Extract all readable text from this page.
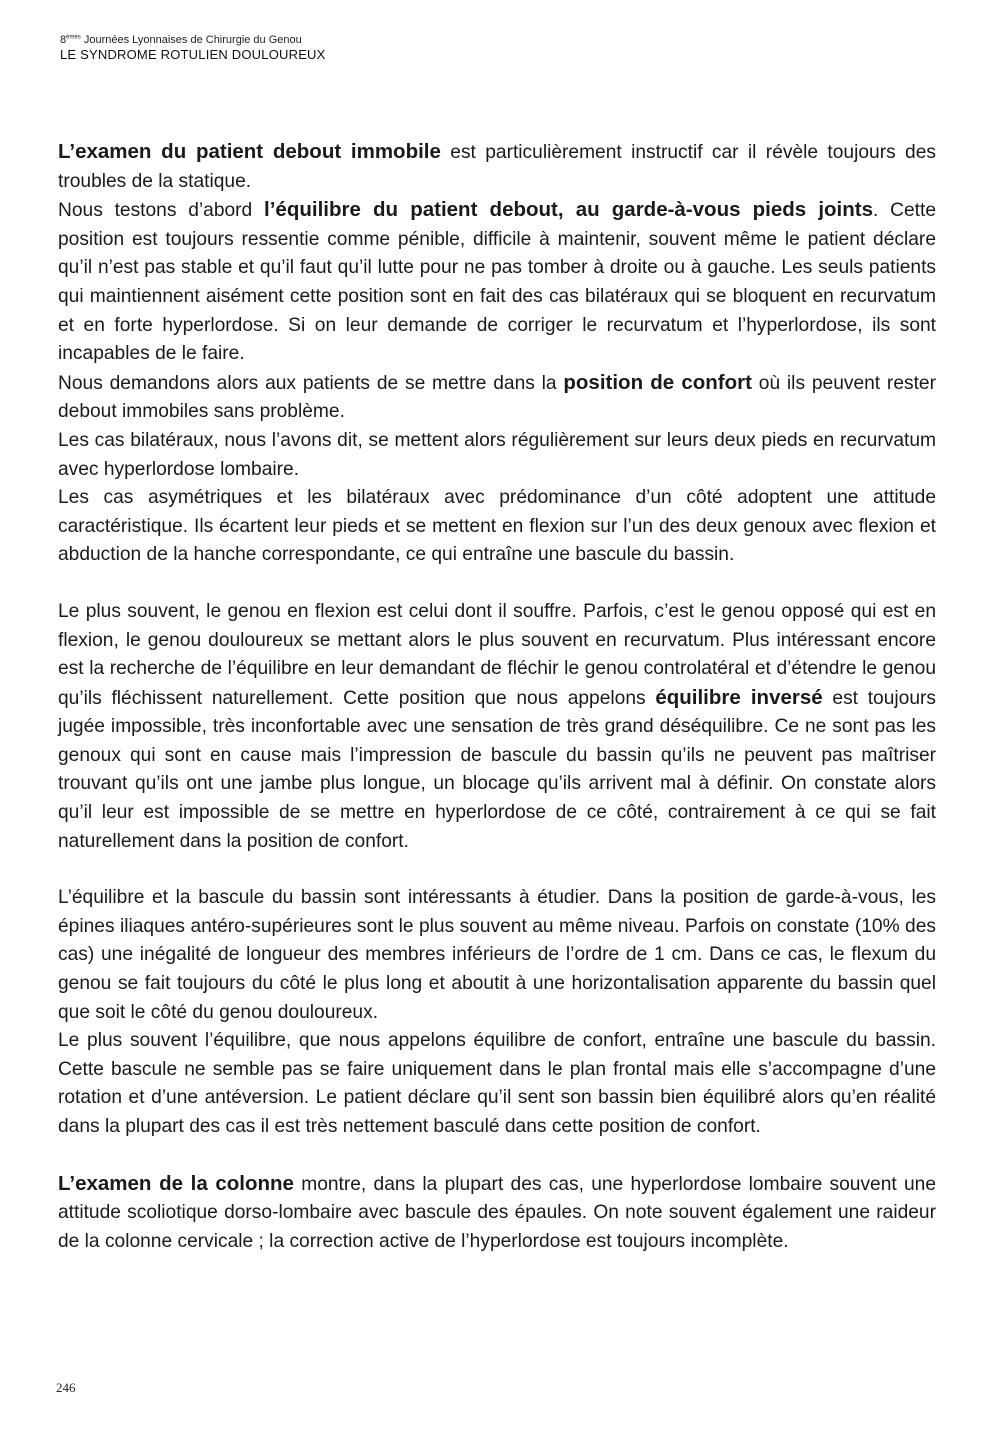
8èmes Journées Lyonnaises de Chirurgie du Genou
LE SYNDROME ROTULIEN DOULOUREUX

L’examen du patient debout immobile est particulièrement instructif car il révèle toujours des troubles de la statique.

Nous testons d’abord l’équilibre du patient debout, au garde-à-vous pieds joints. Cette position est toujours ressentie comme pénible, difficile à maintenir, souvent même le patient déclare qu’il n’est pas stable et qu’il faut qu’il lutte pour ne pas tomber à droite ou à gauche. Les seuls patients qui maintiennent aisément cette position sont en fait des cas bilatéraux qui se bloquent en recurvatum et en forte hyperlordose. Si on leur demande de corriger le recurvatum et l’hyperlordose, ils sont incapables de le faire.

Nous demandons alors aux patients de se mettre dans la position de confort où ils peuvent rester debout immobiles sans problème.

Les cas bilatéraux, nous l’avons dit, se mettent alors régulièrement sur leurs deux pieds en recurvatum avec hyperlordose lombaire.

Les cas asymétriques et les bilatéraux avec prédominance d’un côté adoptent une attitude caractéristique. Ils écartent leur pieds et se mettent en flexion sur l’un des deux genoux avec flexion et abduction de la hanche correspondante, ce qui entraîne une bascule du bassin.

Le plus souvent, le genou en flexion est celui dont il souffre. Parfois, c’est le genou opposé qui est en flexion, le genou douloureux se mettant alors le plus souvent en recurvatum. Plus intéressant encore est la recherche de l’équilibre en leur demandant de fléchir le genou controlatéral et d’étendre le genou qu’ils fléchissent naturellement. Cette position que nous appelons équilibre inversé est toujours jugée impossible, très inconfortable avec une sensation de très grand déséquilibre. Ce ne sont pas les genoux qui sont en cause mais l’impression de bascule du bassin qu’ils ne peuvent pas maîtriser trouvant qu’ils ont une jambe plus longue, un blocage qu’ils arrivent mal à définir. On constate alors qu’il leur est impossible de se mettre en hyperlordose de ce côté, contrairement à ce qui se fait naturellement dans la position de confort.

L’équilibre et la bascule du bassin sont intéressants à étudier. Dans la position de garde-à-vous, les épines iliaques antéro-supérieures sont le plus souvent au même niveau. Parfois on constate (10% des cas) une inégalité de longueur des membres inférieurs de l’ordre de 1 cm. Dans ce cas, le flexum du genou se fait toujours du côté le plus long et aboutit à une horizontalisation apparente du bassin quel que soit le côté du genou douloureux.

Le plus souvent l’équilibre, que nous appelons équilibre de confort, entraîne une bascule du bassin. Cette bascule ne semble pas se faire uniquement dans le plan frontal mais elle s’accompagne d’une rotation et d’une antéversion. Le patient déclare qu’il sent son bassin bien équilibré alors qu’en réalité dans la plupart des cas il est très nettement basculé dans cette position de confort.

L’examen de la colonne montre, dans la plupart des cas, une hyperlordose lombaire souvent une attitude scoliotique dorso-lombaire avec bascule des épaules. On note souvent également une raideur de la colonne cervicale ; la correction active de l’hyperlordose est toujours incomplète.

246
